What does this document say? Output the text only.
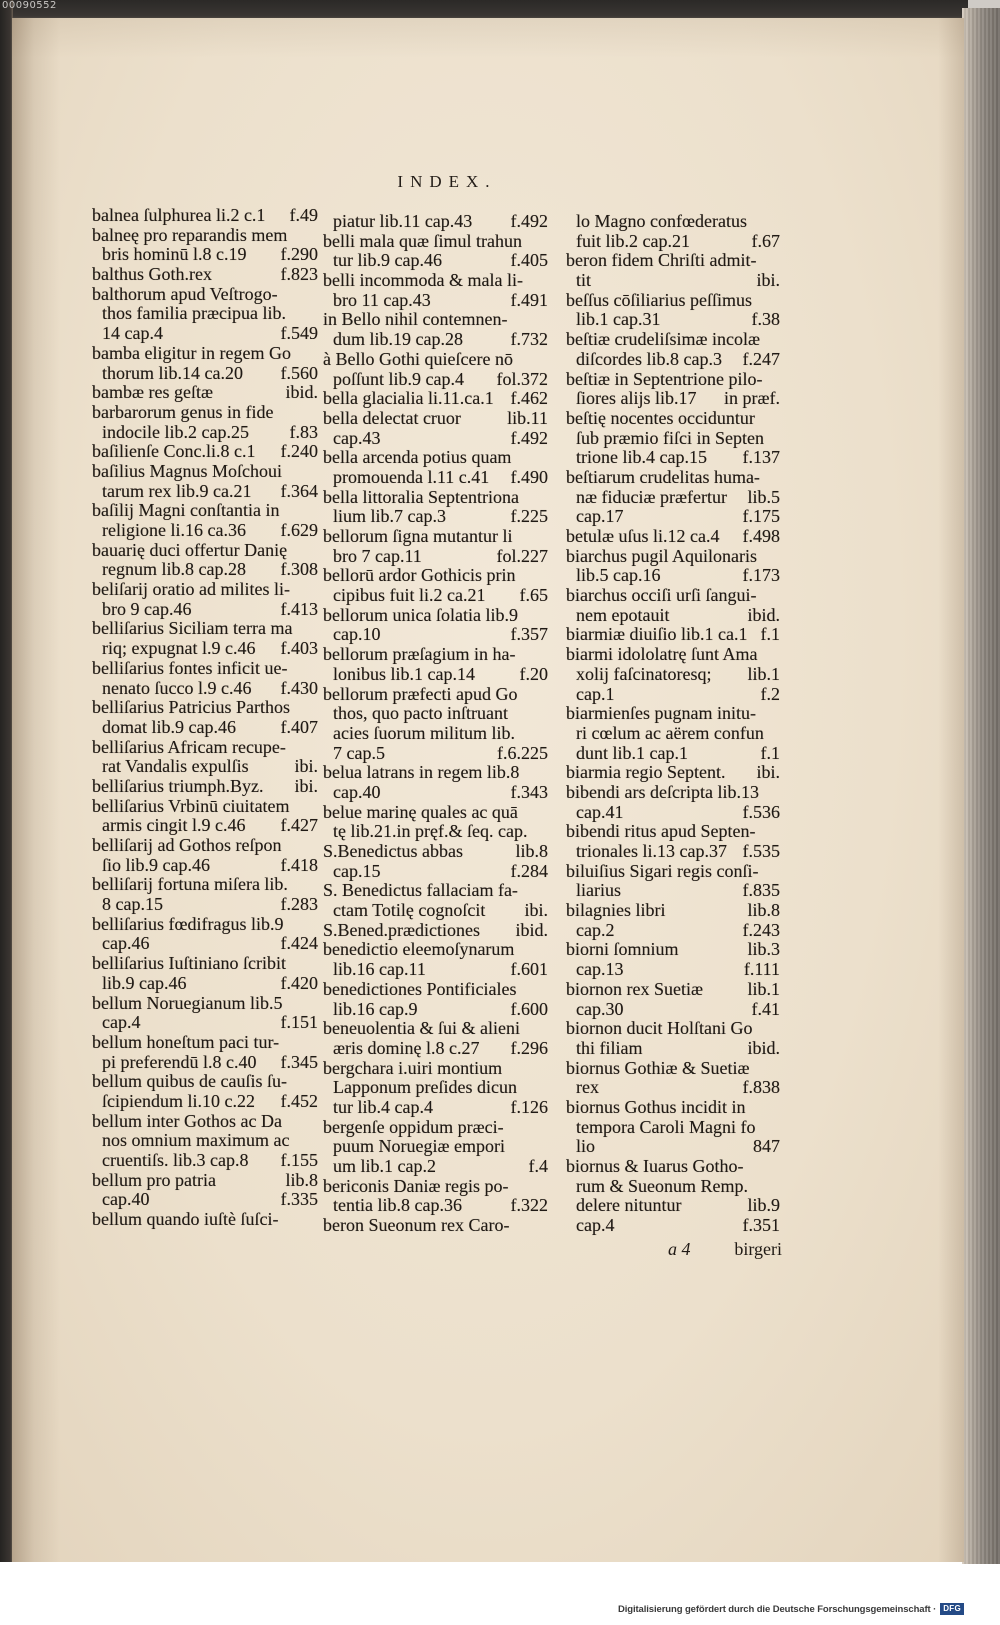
00090552
INDEX.
balnea ſulphurea li.2 c.1	f.49
balneę pro reparandis mem
bris hominū l.8 c.19	f.290
balthus Goth.rex	f.823
balthorum apud Veſtrogo-
thos familia præcipua lib.
14 cap.4	f.549
bamba eligitur in regem Go
thorum lib.14 ca.20	f.560
bambæ res geſtæ	ibid.
barbarorum genus in fide
indocile lib.2 cap.25	f.83
baſilienſe Conc.li.8 c.1	f.240
baſilius Magnus Moſchoui
tarum rex lib.9 ca.21	f.364
baſilij Magni conſtantia in
religione li.16 ca.36	f.629
bauarię duci offertur Danię
regnum lib.8 cap.28	f.308
beliſarij oratio ad milites li-
bro 9 cap.46	f.413
belliſarius Siciliam terra ma
riq; expugnat l.9 c.46	f.403
belliſarius fontes inficit ue-
nenato ſucco l.9 c.46	f.430
belliſarius Patricius Parthos
domat lib.9 cap.46	f.407
belliſarius Africam recupe-
rat Vandalis expulſis	ibi.
belliſarius triumph.Byz.	ibi.
belliſarius Vrbinū ciuitatem
armis cingit l.9 c.46	f.427
belliſarij ad Gothos reſpon
ſio lib.9 cap.46	f.418
belliſarij fortuna miſera lib.
8 cap.15	f.283
belliſarius fœdifragus lib.9
cap.46	f.424
belliſarius Iuſtiniano ſcribit
lib.9 cap.46	f.420
bellum Noruegianum lib.5
cap.4	f.151
bellum honeſtum paci tur-
pi preferendū l.8 c.40	f.345
bellum quibus de cauſis ſu-
ſcipiendum li.10 c.22	f.452
bellum inter Gothos ac Da
nos omnium maximum ac
cruentiſs. lib.3 cap.8	f.155
bellum pro patria	lib.8
cap.40	f.335
bellum quando iuſtè ſuſci-
piatur lib.11 cap.43	f.492
belli mala quæ ſimul trahun
tur lib.9 cap.46	f.405
belli incommoda & mala li-
bro 11 cap.43	f.491
in Bello nihil contemnen-
dum lib.19 cap.28	f.732
à Bello Gothi quieſcere nō
poſſunt lib.9 cap.4	fol.372
bella glacialia li.11.ca.1 f.462
bella delectat cruor	lib.11
cap.43	f.492
bella arcenda potius quam
promouenda l.11 c.41	f.490
bella littoralia Septentriona
lium lib.7 cap.3	f.225
bellorum ſigna mutantur li
bro 7 cap.11	fol.227
bellorū ardor Gothicis prin
cipibus fuit li.2 ca.21	f.65
bellorum unica ſolatia lib.9
cap.10	f.357
bellorum præſagium in ha-
lonibus lib.1 cap.14	f.20
bellorum præfecti apud Go
thos, quo pacto inſtruant
acies ſuorum militum lib.
7 cap.5	f.6.225
belua latrans in regem lib.8
cap.40	f.343
belue marinę quales ac quā
tę lib.21.in pręf.& ſeq. cap.
S.Benedictus abbas	lib.8
cap.15	f.284
S. Benedictus fallaciam fa-
ctam Totilę cognoſcit	ibi.
S.Bened.prædictiones	ibid.
benedictio eleemoſynarum
lib.16 cap.11	f.601
benedictiones Pontificiales
lib.16 cap.9	f.600
beneuolentia & ſui & alieni
æris dominę l.8 c.27	f.296
bergchara i.uiri montium
Lapponum preſides dicun
tur lib.4 cap.4	f.126
bergenſe oppidum præci-
puum Noruegiæ empori
um lib.1 cap.2	f.4
bericonis Daniæ regis po-
tentia lib.8 cap.36	f.322
beron Sueonum rex Caro-
lo Magno confœderatus
fuit lib.2 cap.21	f.67
beron fidem Chriſti admit-
tit	ibi.
beſſus cōſiliarius peſſimus
lib.1 cap.31	f.38
beſtiæ crudeliſsimæ incolæ
diſcordes lib.8 cap.3	f.247
beſtiæ in Septentrione pilo-
ſiores alijs lib.17	in præf.
beſtię nocentes occiduntur
ſub præmio fiſci in Septen
trione lib.4 cap.15	f.137
beſtiarum crudelitas huma-
næ fiduciæ præfertur	lib.5
cap.17	f.175
betulæ uſus li.12 ca.4	f.498
biarchus pugil Aquilonaris
lib.5 cap.16	f.173
biarchus occiſi urſi ſangui-
nem epotauit	ibid.
biarmiæ diuiſio lib.1 ca.1 f.1
biarmi idololatrę ſunt Ama
xolij faſcinatoresq;	lib.1
cap.1	f.2
biarmienſes pugnam initu-
ri cœlum ac aërem confun
dunt lib.1 cap.1	f.1
biarmia regio Septent.	ibi.
bibendi ars deſcripta lib.13
cap.41	f.536
bibendi ritus apud Septen-
trionales li.13 cap.37 f.535
biluiſius Sigari regis conſi-
liarius	f.835
bilagnies libri	lib.8
cap.2	f.243
biorni ſomnium	lib.3
cap.13	f.111
biornon rex Suetiæ	lib.1
cap.30	f.41
biornon ducit Holſtani Go
thi filiam	ibid.
biornus Gothiæ & Suetiæ
rex	f.838
biornus Gothus incidit in
tempora Caroli Magni fo
lio	847
biornus & Iuarus Gotho-
rum & Sueonum Remp.
delere nituntur	lib.9
cap.4	f.351
a 4	birgeri
Digitalisierung gefördert durch die Deutsche Forschungsgemeinschaft · DFG
